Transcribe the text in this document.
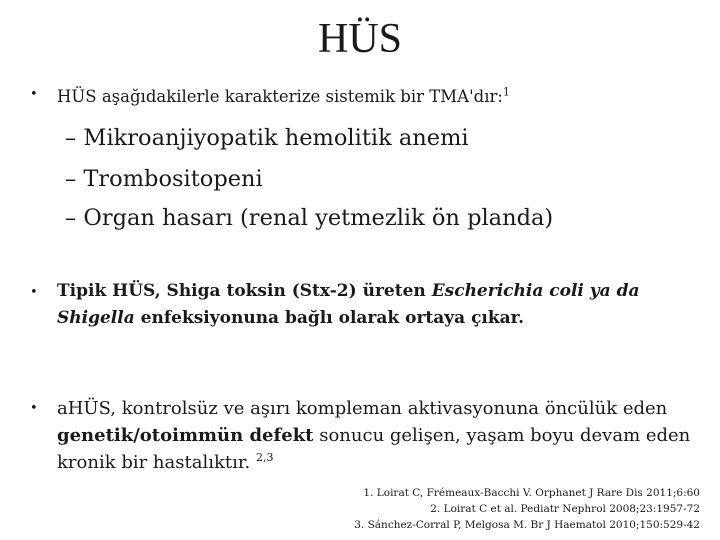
HÜS
• HÜS aşağıdakilerle karakterize sistemik bir TMA'dır:$^1$
– Mikroanjiyopatik hemolitik anemi
– Trombositopeni
– Organ hasarı (renal yetmezlik ön planda)
• Tipik HÜS, Shiga toksin (Stx-2) üreten Escherichia coli ya da Shigella enfeksiyonuna bağlı olarak ortaya çıkar.
• aHÜS, kontrolsüz ve aşırı kompleman aktivasyonuna öncülük eden genetik/otoimmün defekt sonucu gelişen, yaşam boyu devam eden kronik bir hastalıktır. $^{2,3}$
1. Loirat C, Frémeaux-Bacchi V. Orphanet J Rare Dis 2011;6:60
2. Loirat C et al. Pediatr Nephrol 2008;23:1957-72
3. Sánchez-Corral P, Melgosa M. Br J Haematol 2010;150:529-42
